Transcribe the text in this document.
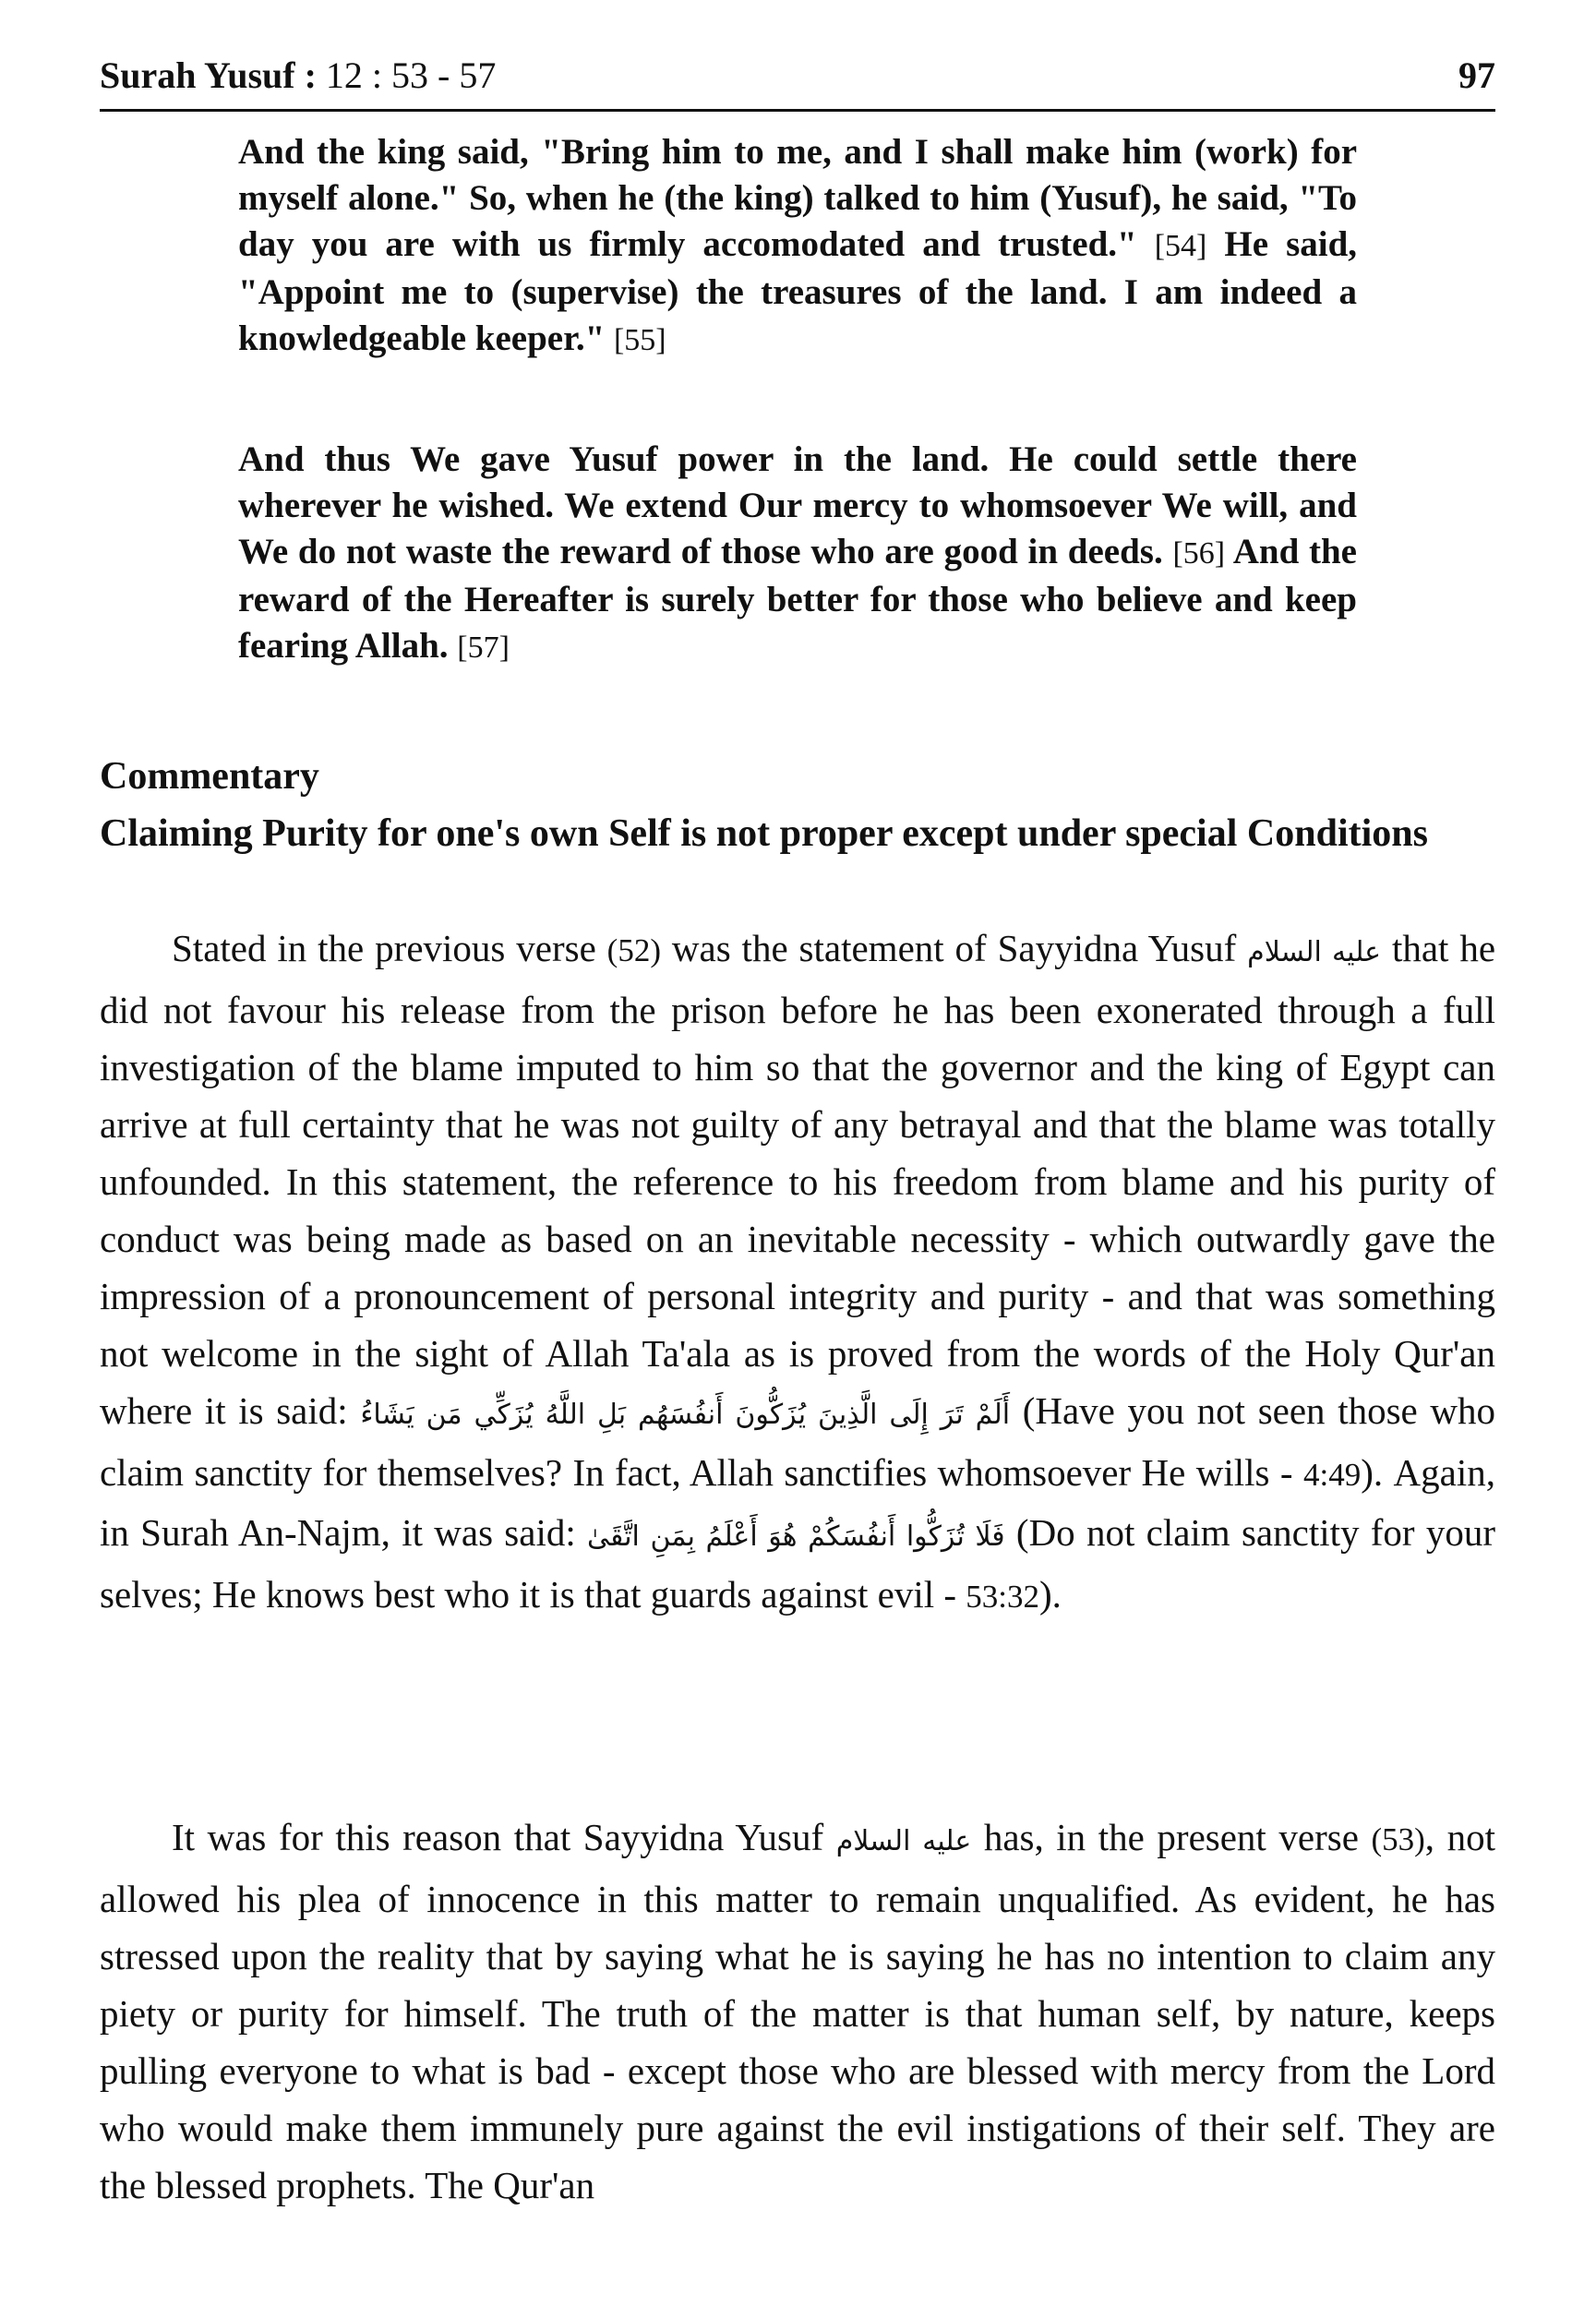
Surah Yusuf : 12 : 53 - 57	97
And the king said, "Bring him to me, and I shall make him (work) for myself alone." So, when he (the king) talked to him (Yusuf), he said, "To day you are with us firmly accomodated and trusted." [54] He said, "Appoint me to (supervise) the treasures of the land. I am indeed a knowledgeable keeper." [55]
And thus We gave Yusuf power in the land. He could settle there wherever he wished. We extend Our mercy to whomsoever We will, and We do not waste the reward of those who are good in deeds. [56] And the reward of the Hereafter is surely better for those who believe and keep fearing Allah. [57]
Commentary
Claiming Purity for one's own Self is not proper except under special Conditions
Stated in the previous verse (52) was the statement of Sayyidna Yusuf عليه السلام that he did not favour his release from the prison before he has been exonerated through a full investigation of the blame imputed to him so that the governor and the king of Egypt can arrive at full certainty that he was not guilty of any betrayal and that the blame was totally unfounded. In this statement, the reference to his freedom from blame and his purity of conduct was being made as based on an inevitable necessity - which outwardly gave the impression of a pronouncement of personal integrity and purity - and that was something not welcome in the sight of Allah Ta'ala as is proved from the words of the Holy Qur'an where it is said: أَلَمْ تَرَ إِلَى الَّذِينَ يُزَكُّونَ أَنفُسَهُم بَلِ اللَّهُ يُزَكِّي مَن يَشَاءُ (Have you not seen those who claim sanctity for themselves? In fact, Allah sanctifies whomsoever He wills - 4:49). Again, in Surah An-Najm, it was said: فَلَا تُزَكُّوا أَنفُسَكُمْ هُوَ أَعْلَمُ بِمَنِ اتَّقَىٰ (Do not claim sanctity for your selves; He knows best who it is that guards against evil - 53:32).
It was for this reason that Sayyidna Yusuf عليه السلام has, in the present verse (53), not allowed his plea of innocence in this matter to remain unqualified. As evident, he has stressed upon the reality that by saying what he is saying he has no intention to claim any piety or purity for himself. The truth of the matter is that human self, by nature, keeps pulling everyone to what is bad - except those who are blessed with mercy from the Lord who would make them immunely pure against the evil instigations of their self. They are the blessed prophets. The Qur'an
